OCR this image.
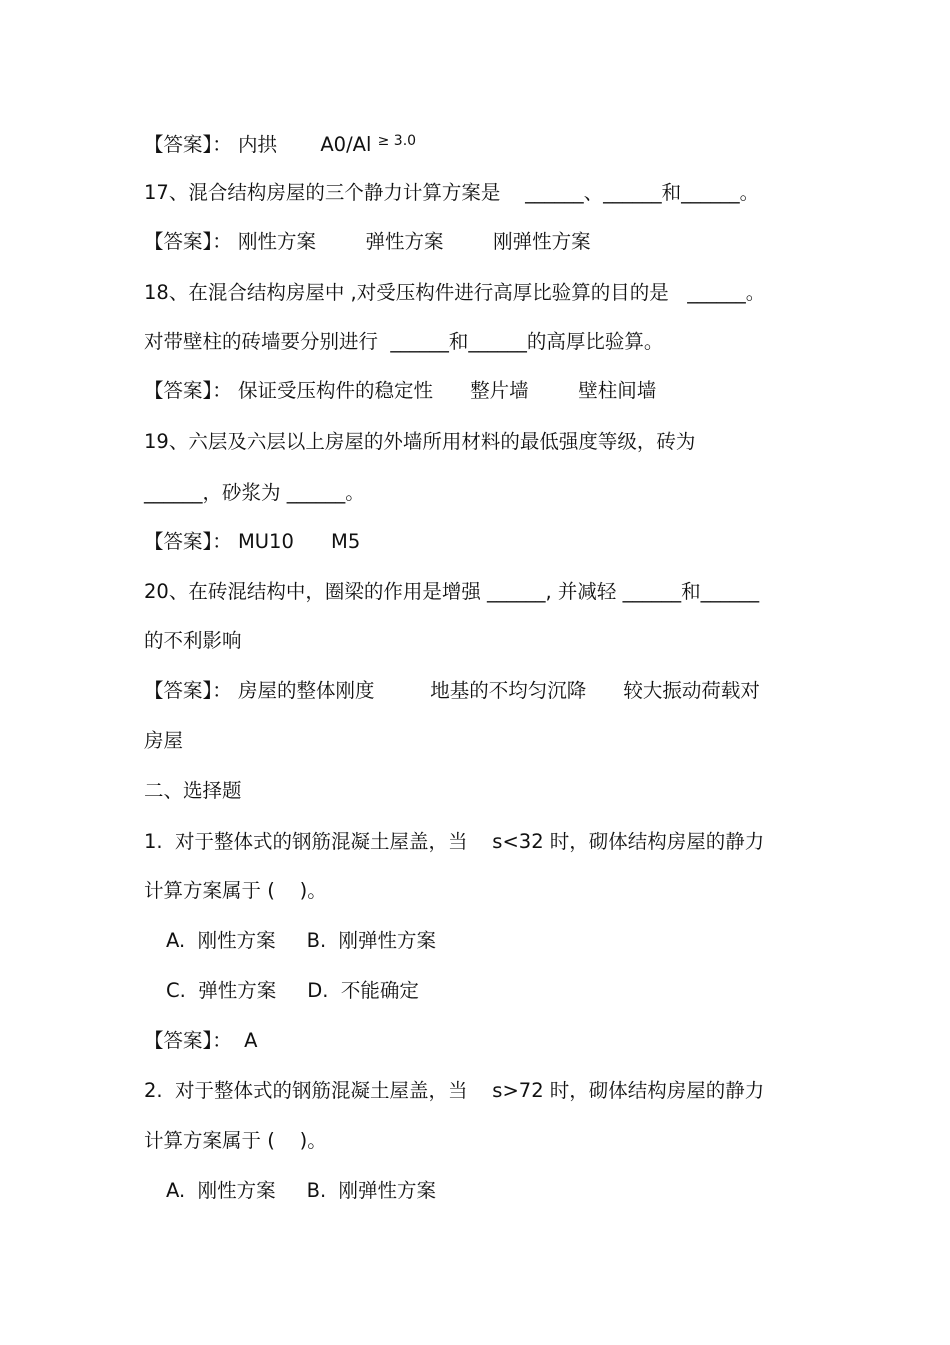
【答案】： 内拱       A0/Al $^{\ge 3.0}$
17、混合结构房屋的三个静力计算方案是    ______、______和______。
【答案】： 刚性方案        弹性方案        刚弹性方案
18、在混合结构房屋中 ,对受压构件进行高厚比验算的目的是   ______。
对带壁柱的砖墙要分别进行  ______和______的高厚比验算。
【答案】： 保证受压构件的稳定性      整片墙        壁柱间墙
19、六层及六层以上房屋的外墙所用材料的最低强度等级，砖为
______，砂浆为 ______。
【答案】： MU10      M5
20、在砖混结构中，圈梁的作用是增强 ______, 并减轻 ______和______
的不利影响
【答案】： 房屋的整体刚度         地基的不均匀沉降      较大振动荷载对
房屋
二、选择题
1.  对于整体式的钢筋混凝土屋盖，当    s<32 时，砌体结构房屋的静力
计算方案属于 (    )。
A.  刚性方案     B.  刚弹性方案
C.  弹性方案     D.  不能确定
【答案】：  A
2.  对于整体式的钢筋混凝土屋盖，当    s>72 时，砌体结构房屋的静力
计算方案属于 (    )。
A.  刚性方案     B.  刚弹性方案
